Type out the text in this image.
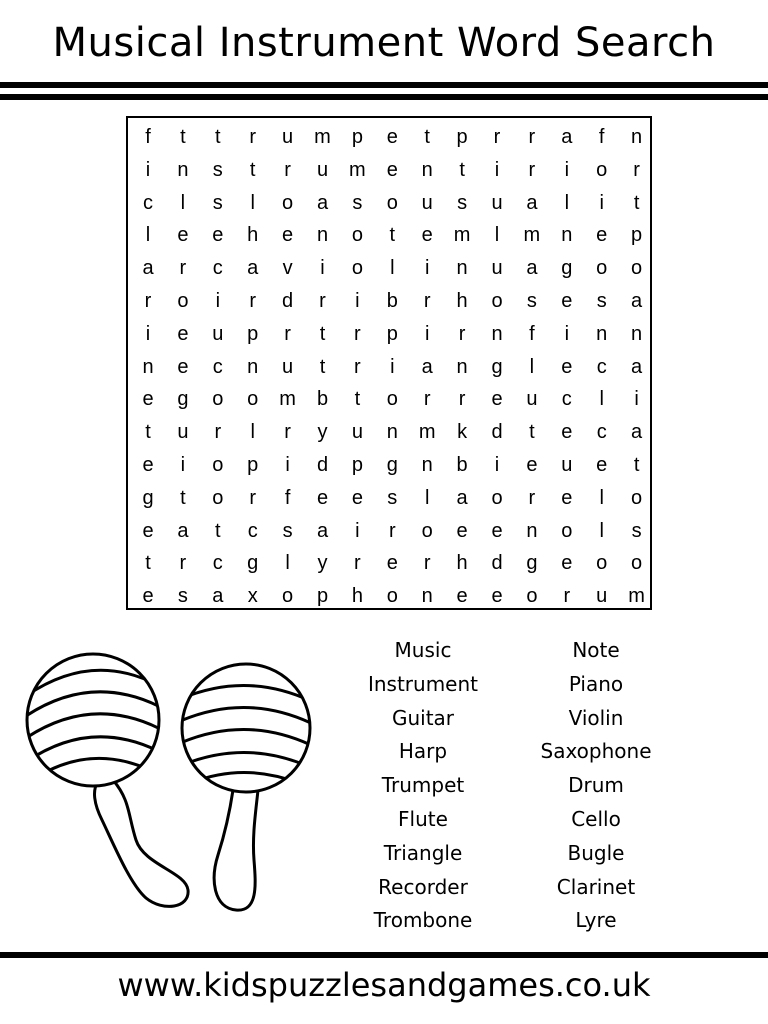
Musical Instrument Word Search
f	t	t	r	u	m	p	e	t	p	r	r	a	f	n
i	n	s	t	r	u	m	e	n	t	i	r	i	o	r
c	l	s	l	o	a	s	o	u	s	u	a	l	i	t
l	e	e	h	e	n	o	t	e	m	l	m	n	e	p
a	r	c	a	v	i	o	l	i	n	u	a	g	o	o
r	o	i	r	d	r	i	b	r	h	o	s	e	s	a
i	e	u	p	r	t	r	p	i	r	n	f	i	n	n
n	e	c	n	u	t	r	i	a	n	g	l	e	c	a
e	g	o	o	m	b	t	o	r	r	e	u	c	l	i
t	u	r	l	r	y	u	n	m	k	d	t	e	c	a
e	i	o	p	i	d	p	g	n	b	i	e	u	e	t
g	t	o	r	f	e	e	s	l	a	o	r	e	l	o
e	a	t	c	s	a	i	r	o	e	e	n	o	l	s
t	r	c	g	l	y	r	e	r	h	d	g	e	o	o
e	s	a	x	o	p	h	o	n	e	e	o	r	u	m
Music
Instrument
Guitar
Harp
Trumpet
Flute
Triangle
Recorder
Trombone
Note
Piano
Violin
Saxophone
Drum
Cello
Bugle
Clarinet
Lyre
www.kidspuzzlesandgames.co.uk
